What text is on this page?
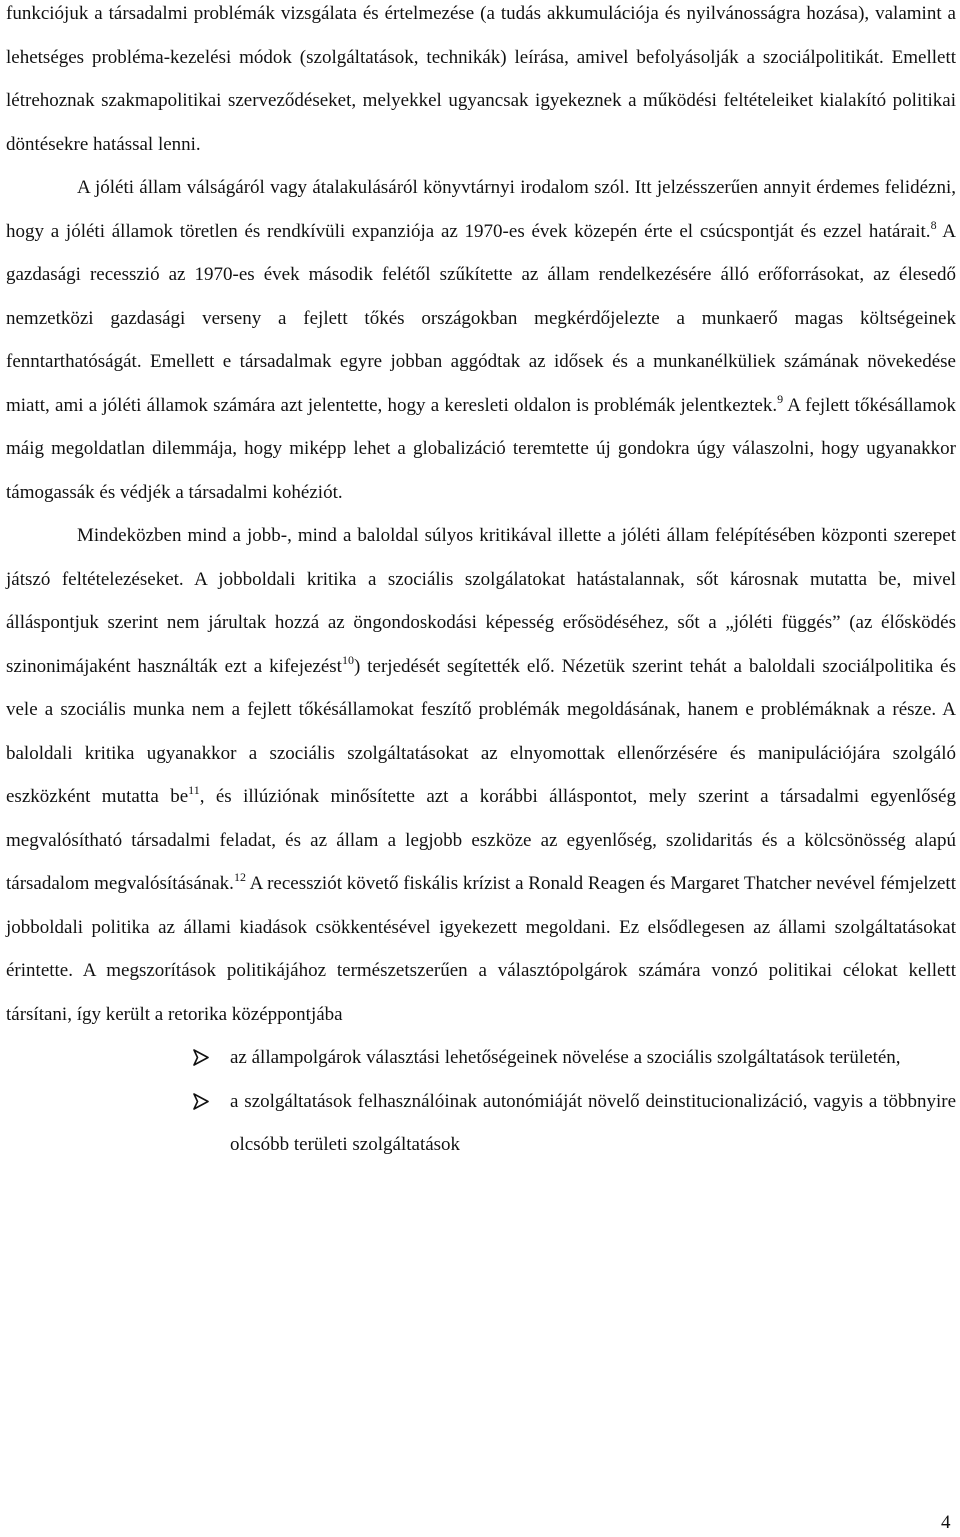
funkciójuk a társadalmi problémák vizsgálata és értelmezése (a tudás akkumulációja és nyilvánosságra hozása), valamint a lehetséges probléma-kezelési módok (szolgáltatások, technikák) leírása, amivel befolyásolják a szociálpolitikát. Emellett létrehoznak szakmapolitikai szerveződéseket, melyekkel ugyancsak igyekeznek a működési feltételeiket kialakító politikai döntésekre hatással lenni.

A jóléti állam válságáról vagy átalakulásáról könyvtárnyi irodalom szól. Itt jelzésszerűen annyit érdemes felidézni, hogy a jóléti államok töretlen és rendkívüli expanziója az 1970-es évek közepén érte el csúcspontját és ezzel határait.$^8$ A gazdasági recesszió az 1970-es évek második felétől szűkítette az állam rendelkezésére álló erőforrásokat, az élesedő nemzetközi gazdasági verseny a fejlett tőkés országokban megkérdőjelezte a munkaerő magas költségeinek fenntarthatóságát. Emellett e társadalmak egyre jobban aggódtak az idősek és a munkanélküliek számának növekedése miatt, ami a jóléti államok számára azt jelentette, hogy a keresleti oldalon is problémák jelentkeztek.$^9$ A fejlett tőkésállamok máig megoldatlan dilemmája, hogy miképp lehet a globalizáció teremtette új gondokra úgy válaszolni, hogy ugyanakkor támogassák és védjék a társadalmi kohéziót.

Mindeközben mind a jobb-, mind a baloldal súlyos kritikával illette a jóléti állam felépítésében központi szerepet játszó feltételezéseket. A jobboldali kritika a szociális szolgálatokat hatástalannak, sőt károsnak mutatta be, mivel álláspontjuk szerint nem járultak hozzá az öngondoskodási képesség erősödéséhez, sőt a „jóléti függés” (az élősködés szinonimájaként használták ezt a kifejezést$^{10}$) terjedését segítették elő. Nézetük szerint tehát a baloldali szociálpolitika és vele a szociális munka nem a fejlett tőkésállamokat feszítő problémák megoldásának, hanem e problémáknak a része. A baloldali kritika ugyanakkor a szociális szolgáltatásokat az elnyomottak ellenőrzésére és manipulációjára szolgáló eszközként mutatta $be^{11}$, és illúziónak minősítette azt a korábbi álláspontot, mely szerint a társadalmi egyenlőség megvalósítható társadalmi feladat, és az állam a legjobb eszköze az egyenlőség, szolidaritás és a kölcsönösség alapú társadalom megvalósításának.$^{12}$ A recessziót követő fiskális krízist a Ronald Reagen és Margaret Thatcher nevével fémjelzett jobboldali politika az állami kiadások csökkentésével igyekezett megoldani. Ez elsődlegesen az állami szolgáltatásokat érintette. A megszorítások politikájához természetszerűen a választópolgárok számára vonzó politikai célokat kellett társítani, így került a retorika középpontjába

az állampolgárok választási lehetőségeinek növelése a szociális szolgáltatások területén,
a szolgáltatások felhasználóinak autonómiáját növelő deinstitucionalizáció, vagyis a többnyire olcsóbb területi szolgáltatások
4
